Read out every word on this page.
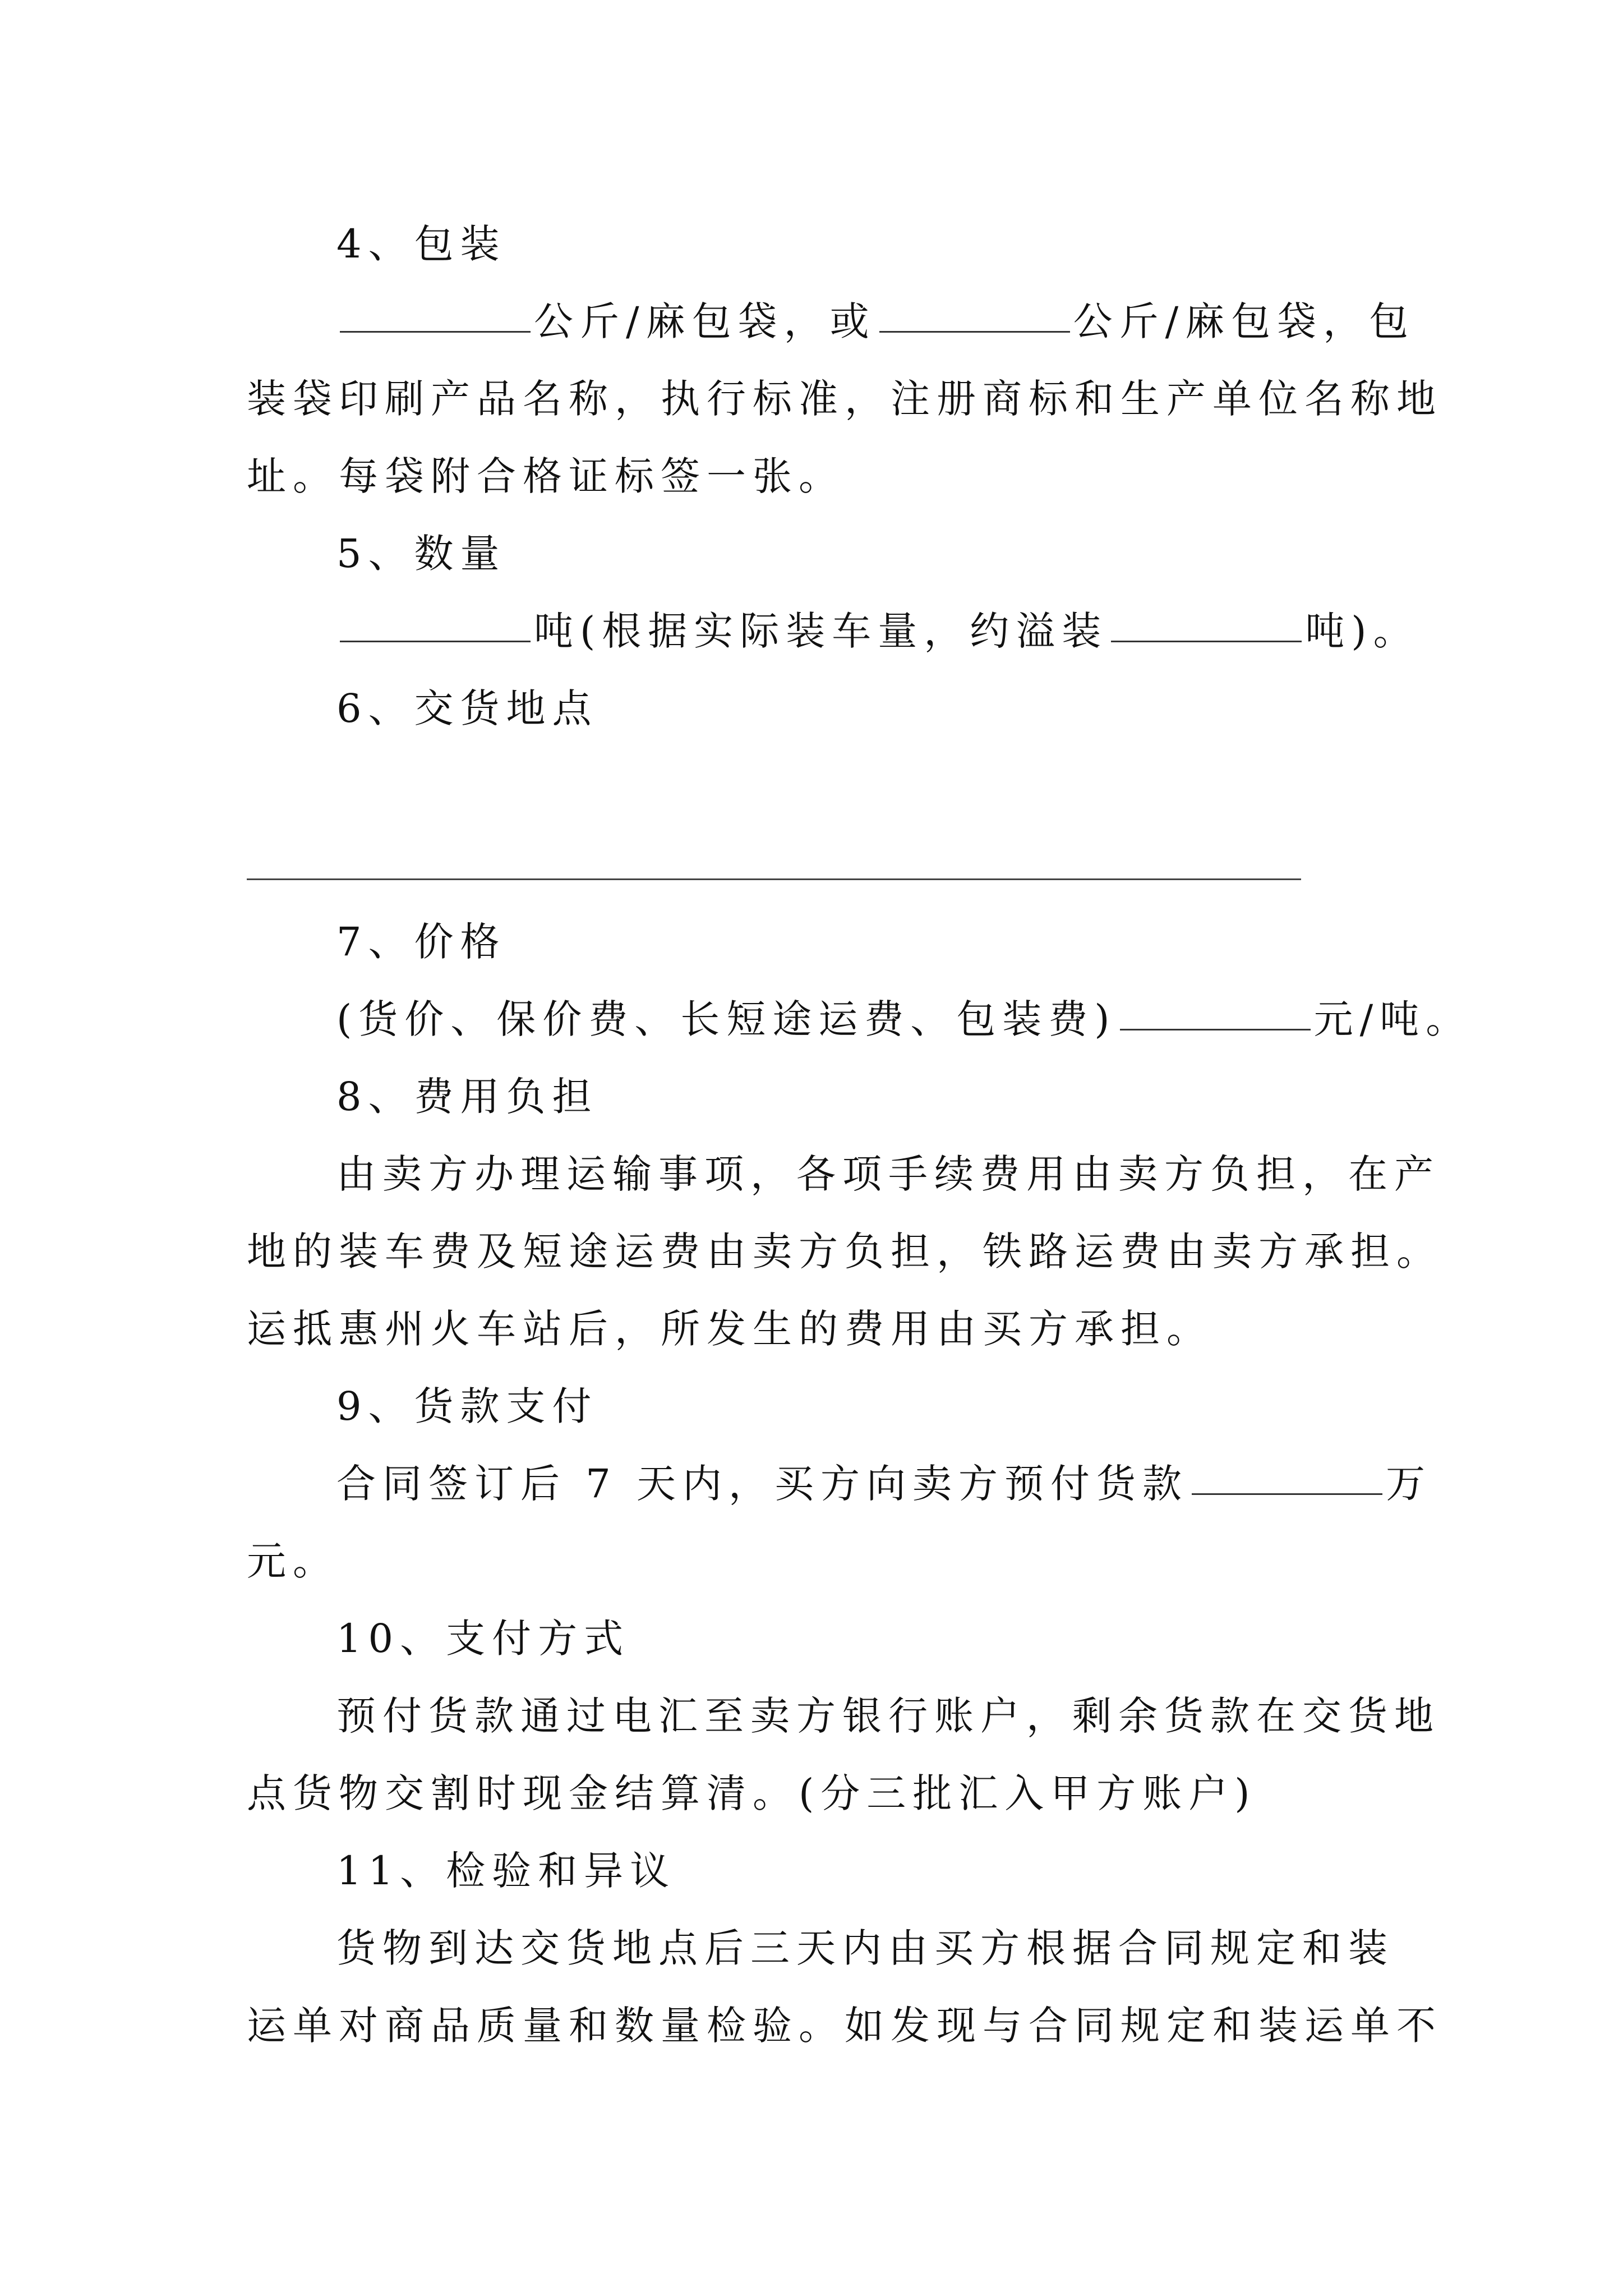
4、包装
公斤/麻包袋，或	公斤/麻包袋，包
装袋印刷产品名称，执行标准，注册商标和生产单位名称地
址。每袋附合格证标签一张。
5、数量
吨(根据实际装车量，约溢装	吨)。
6、交货地点
7、价格
(货价、保价费、长短途运费、包装费)	元/吨。
8、费用负担
由卖方办理运输事项，各项手续费用由卖方负担，在产
地的装车费及短途运费由卖方负担，铁路运费由卖方承担。
运抵惠州火车站后，所发生的费用由买方承担。
9、货款支付
合同签订后 7 天内，买方向卖方预付货款	万
元。
10、支付方式
预付货款通过电汇至卖方银行账户，剩余货款在交货地
点货物交割时现金结算清。(分三批汇入甲方账户)
11、检验和异议
货物到达交货地点后三天内由买方根据合同规定和装
运单对商品质量和数量检验。如发现与合同规定和装运单不
